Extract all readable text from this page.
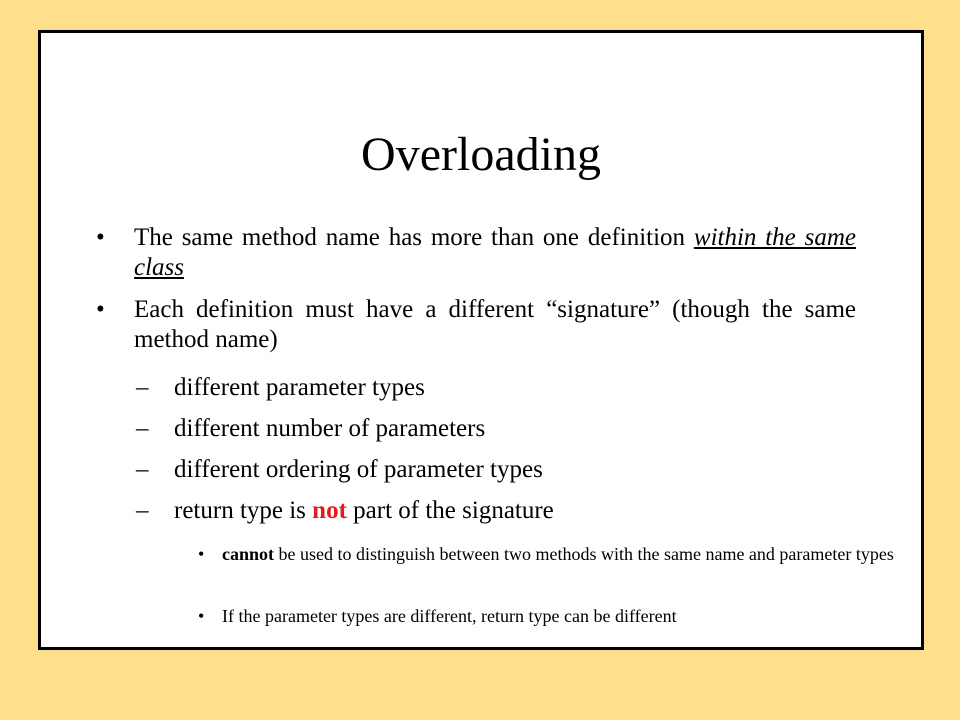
Overloading
• The same method name has more than one definition within the same class
• Each definition must have a different “signature” (though the same method name)
– different parameter types
– different number of parameters
– different ordering of parameter types
– return type is not part of the signature
• cannot be used to distinguish between two methods with the same name and parameter types
• If the parameter types are different, return type can be different
